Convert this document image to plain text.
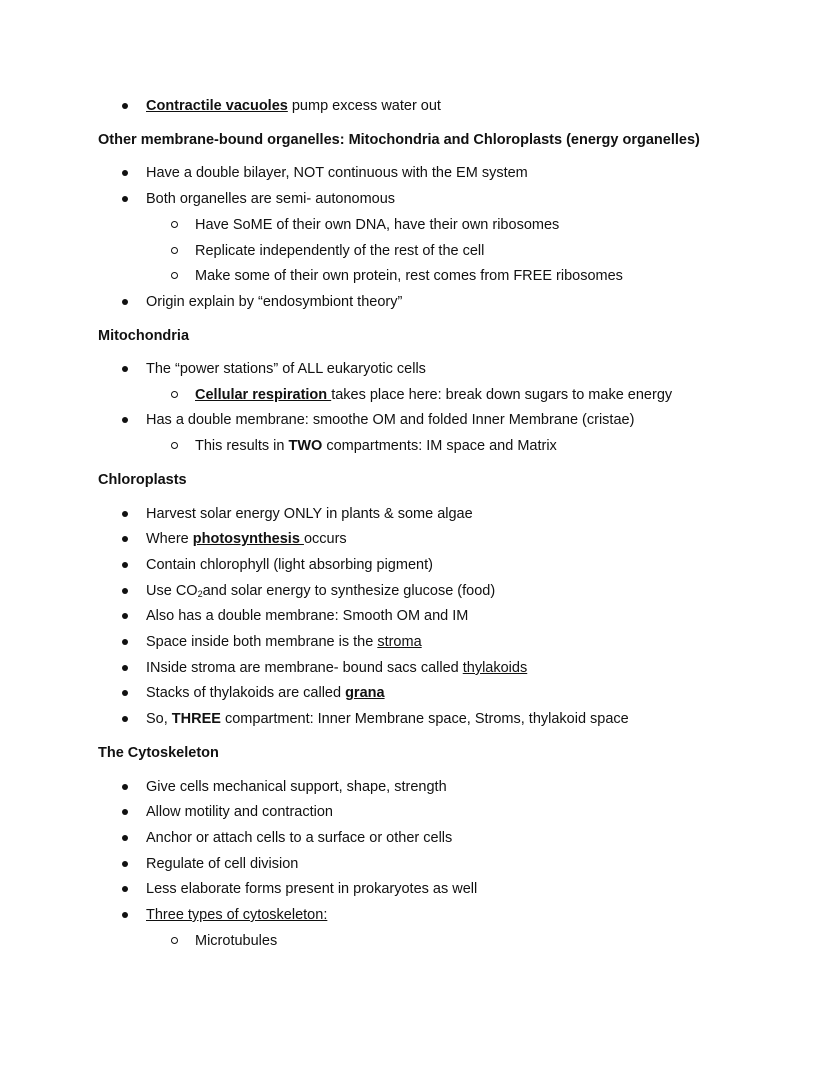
Contractile vacuoles pump excess water out
Other membrane-bound organelles: Mitochondria and Chloroplasts (energy organelles)
Have a double bilayer, NOT continuous with the EM system
Both organelles are semi- autonomous
Have SoME of their own DNA, have their own ribosomes
Replicate independently of the rest of the cell
Make some of their own protein, rest comes from FREE ribosomes
Origin explain by “endosymbiont theory”
Mitochondria
The “power stations” of ALL eukaryotic cells
Cellular respiration takes place here: break down sugars to make energy
Has a double membrane: smoothe OM and folded Inner Membrane (cristae)
This results in TWO compartments: IM space and Matrix
Chloroplasts
Harvest solar energy ONLY in plants & some algae
Where photosynthesis occurs
Contain chlorophyll (light absorbing pigment)
Use $CO_2and$ solar energy to synthesize glucose (food)
Also has a double membrane: Smooth OM and IM
Space inside both membrane is the stroma
INside stroma are membrane- bound sacs called thylakoids
Stacks of thylakoids are called grana
So, THREE compartment: Inner Membrane space, Stroms, thylakoid space
The Cytoskeleton
Give cells mechanical support, shape, strength
Allow motility and contraction
Anchor or attach cells to a surface or other cells
Regulate of cell division
Less elaborate forms present in prokaryotes as well
Three types of cytoskeleton:
Microtubules
